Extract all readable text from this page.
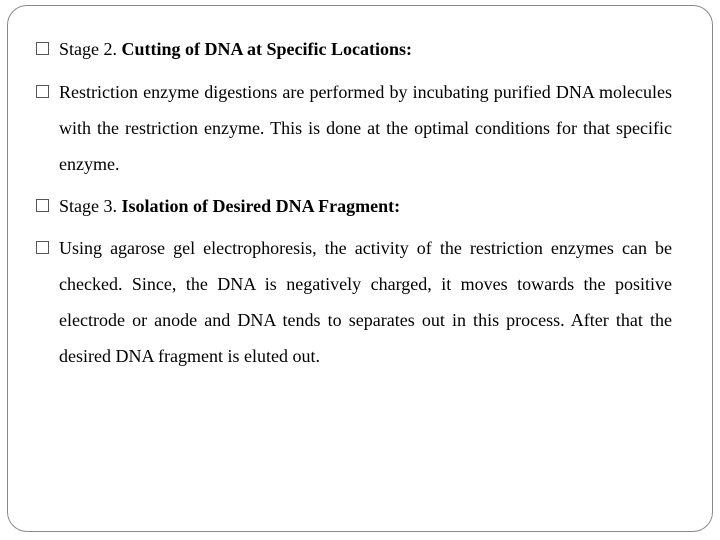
Stage 2. Cutting of DNA at Specific Locations:
Restriction enzyme digestions are performed by incubating purified DNA molecules with the restriction enzyme. This is done at the optimal conditions for that specific enzyme.
Stage 3. Isolation of Desired DNA Fragment:
Using agarose gel electrophoresis, the activity of the restriction enzymes can be checked. Since, the DNA is negatively charged, it moves towards the positive electrode or anode and DNA tends to separates out in this process. After that the desired DNA fragment is eluted out.
